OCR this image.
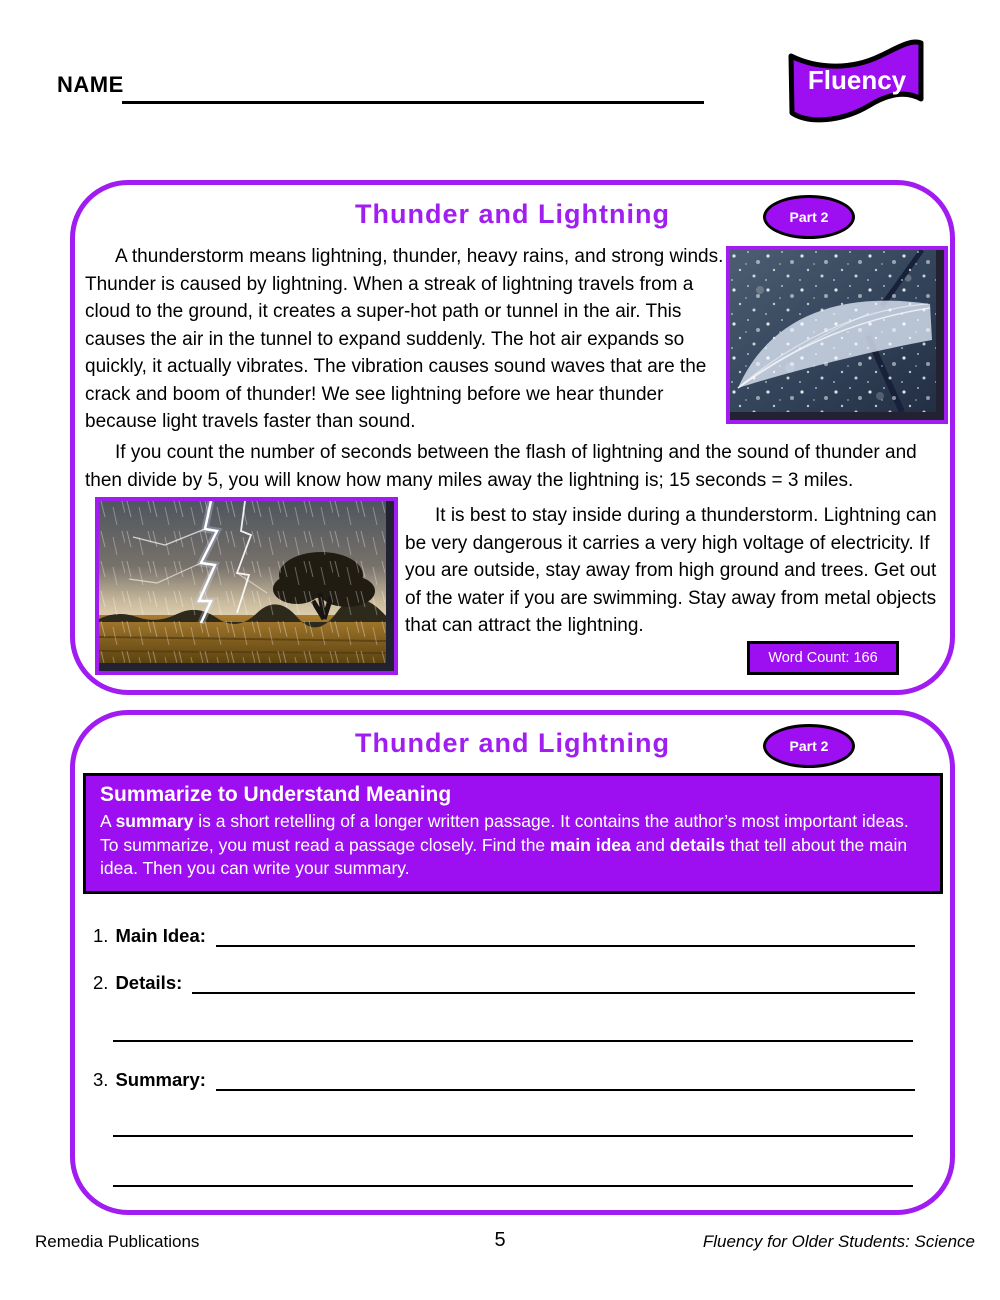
NAME	Fluency
Thunder and Lightning	Part 2
A thunderstorm means lightning, thunder, heavy rains, and strong winds. Thunder is caused by lightning. When a streak of lightning travels from a cloud to the ground, it creates a super-hot path or tunnel in the air. This causes the air in the tunnel to expand suddenly. The hot air expands so quickly, it actually vibrates. The vibration causes sound waves that are the crack and boom of thunder! We see lightning before we hear thunder because light travels faster than sound.
If you count the number of seconds between the flash of lightning and the sound of thunder and then divide by 5, you will know how many miles away the lightning is; 15 seconds = 3 miles.
It is best to stay inside during a thunderstorm. Lightning can be very dangerous it carries a very high voltage of electricity. If you are outside, stay away from high ground and trees. Get out of the water if you are swimming. Stay away from metal objects that can attract the lightning.
Word Count: 166
Thunder and Lightning	Part 2
Summarize to Understand Meaning
A summary is a short retelling of a longer written passage. It contains the author’s most important ideas. To summarize, you must read a passage closely. Find the main idea and details that tell about the main idea. Then you can write your summary.
1. Main Idea:
2. Details:
3. Summary:
Remedia Publications	5	Fluency for Older Students: Science
